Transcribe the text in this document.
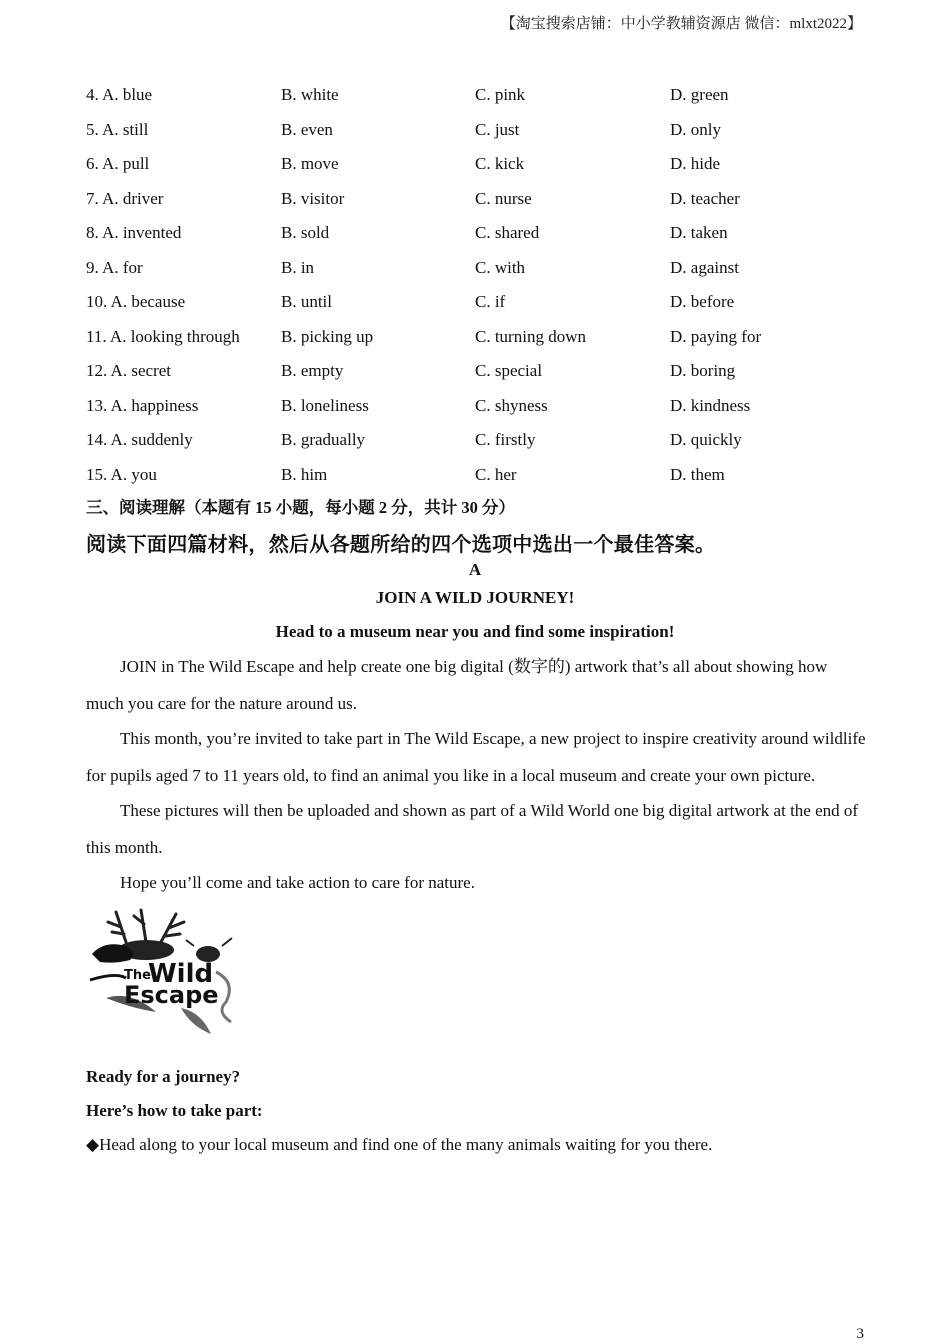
【淘宝搜索店铺：中小学教辅资源店 微信：mlxt2022】
4. A. blue	B. white	C. pink	D. green
5. A. still	B. even	C. just	D. only
6. A. pull	B. move	C. kick	D. hide
7. A. driver	B. visitor	C. nurse	D. teacher
8. A. invented	B. sold	C. shared	D. taken
9. A. for	B. in	C. with	D. against
10. A. because	B. until	C. if	D. before
11. A. looking through	B. picking up	C. turning down	D. paying for
12. A. secret	B. empty	C. special	D. boring
13. A. happiness	B. loneliness	C. shyness	D. kindness
14. A. suddenly	B. gradually	C. firstly	D. quickly
15. A. you	B. him	C. her	D. them
三、阅读理解（本题有 15 小题，每小题 2 分，共计 30 分）
阅读下面四篇材料，然后从各题所给的四个选项中选出一个最佳答案。
A
JOIN A WILD JOURNEY!
Head to a museum near you and find some inspiration!
JOIN in The Wild Escape and help create one big digital (数字的) artwork that’s all about showing how much you care for the nature around us.
This month, you’re invited to take part in The Wild Escape, a new project to inspire creativity around wildlife for pupils aged 7 to 11 years old, to find an animal you like in a local museum and create your own picture.
These pictures will then be uploaded and shown as part of a Wild World one big digital artwork at the end of this month.
Hope you’ll come and take action to care for nature.
The
Wild
Escape
Ready for a journey?
Here’s how to take part:
◆Head along to your local museum and find one of the many animals waiting for you there.
3
